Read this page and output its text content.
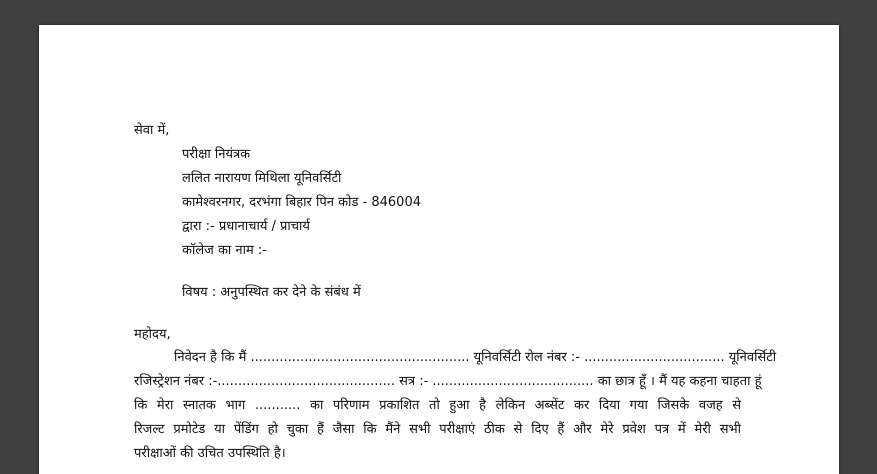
सेवा में,
परीक्षा नियंत्रक
ललित नारायण मिथिला यूनिवर्सिटी
कामेश्वरनगर, दरभंगा बिहार पिन कोड - 846004
द्वारा :- प्रधानाचार्य / प्राचार्य
कॉलेज का नाम :-
विषय : अनुपस्थित कर देने के संबंध में
महोदय,
निवेदन है कि मैं ..................................................... यूनिवर्सिटी रोल नंबर :- .................................. यूनिवर्सिटी
रजिस्ट्रेशन नंबर :-........................................... सत्र :- ....................................... का छात्र हूँ । मैं यह कहना चाहता हूं
कि मेरा स्नातक भाग ........... का परिणाम प्रकाशित तो हुआ है लेकिन अब्सेंट कर दिया गया जिसके वजह से
रिजल्ट प्रमोटेड या पेंडिंग हो चुका हैं जैसा कि मैंने सभी परीक्षाएं ठीक से दिए हैं और मेरे प्रवेश पत्र में मेरी सभी
परीक्षाओं की उचित उपस्थिति है।
